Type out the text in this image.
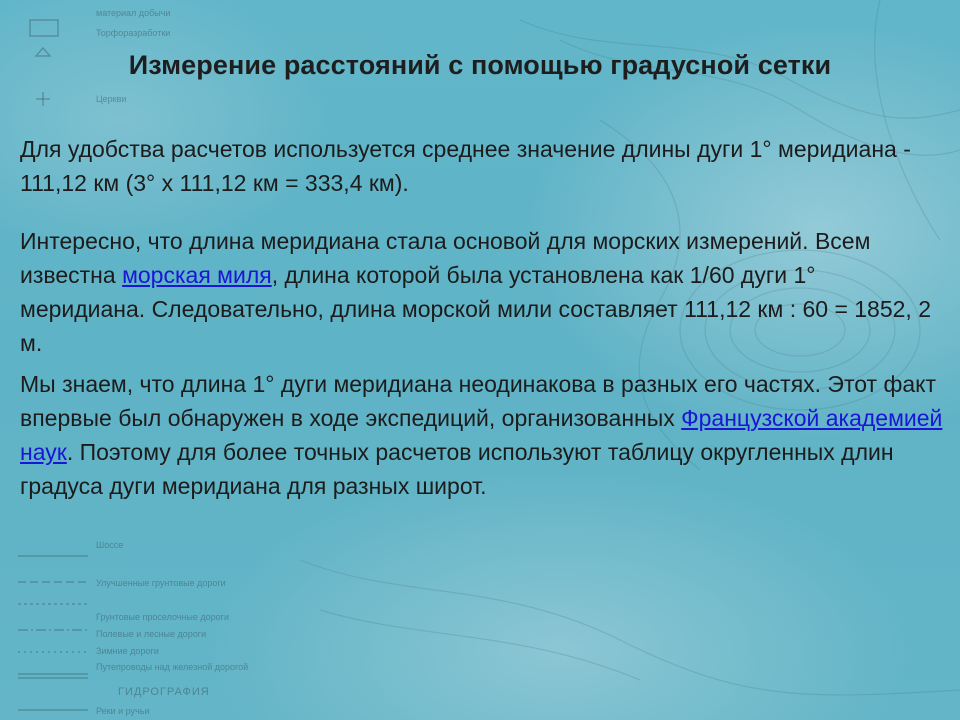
материал добычи
Торфоразработки
Церкви
Шоссе
Улучшенные грунтовые дороги
Грунтовые проселочные дороги
Полевые и лесные дороги
Зимние дороги
Путепроводы над железной дорогой
ГИДРОГРАФИЯ
Реки и ручьи
Измерение расстояний с помощью градусной сетки
Для удобства расчетов используется среднее значение длины дуги 1° меридиана - 111,12 км (3° х 111,12 км = 333,4 км).
Интересно, что длина меридиана стала основой для морских измерений. Всем известна морская миля, длина которой была установлена как 1/60 дуги 1° меридиана. Следовательно, длина морской мили составляет 111,12 км : 60 = 1852, 2 м.
Мы знаем, что длина 1° дуги меридиана неодинакова в разных его частях. Этот факт впервые был обнаружен в ходе экспедиций, организованных Французской академией наук. Поэтому для более точных расчетов используют таблицу округленных длин градуса дуги меридиана для разных широт.
